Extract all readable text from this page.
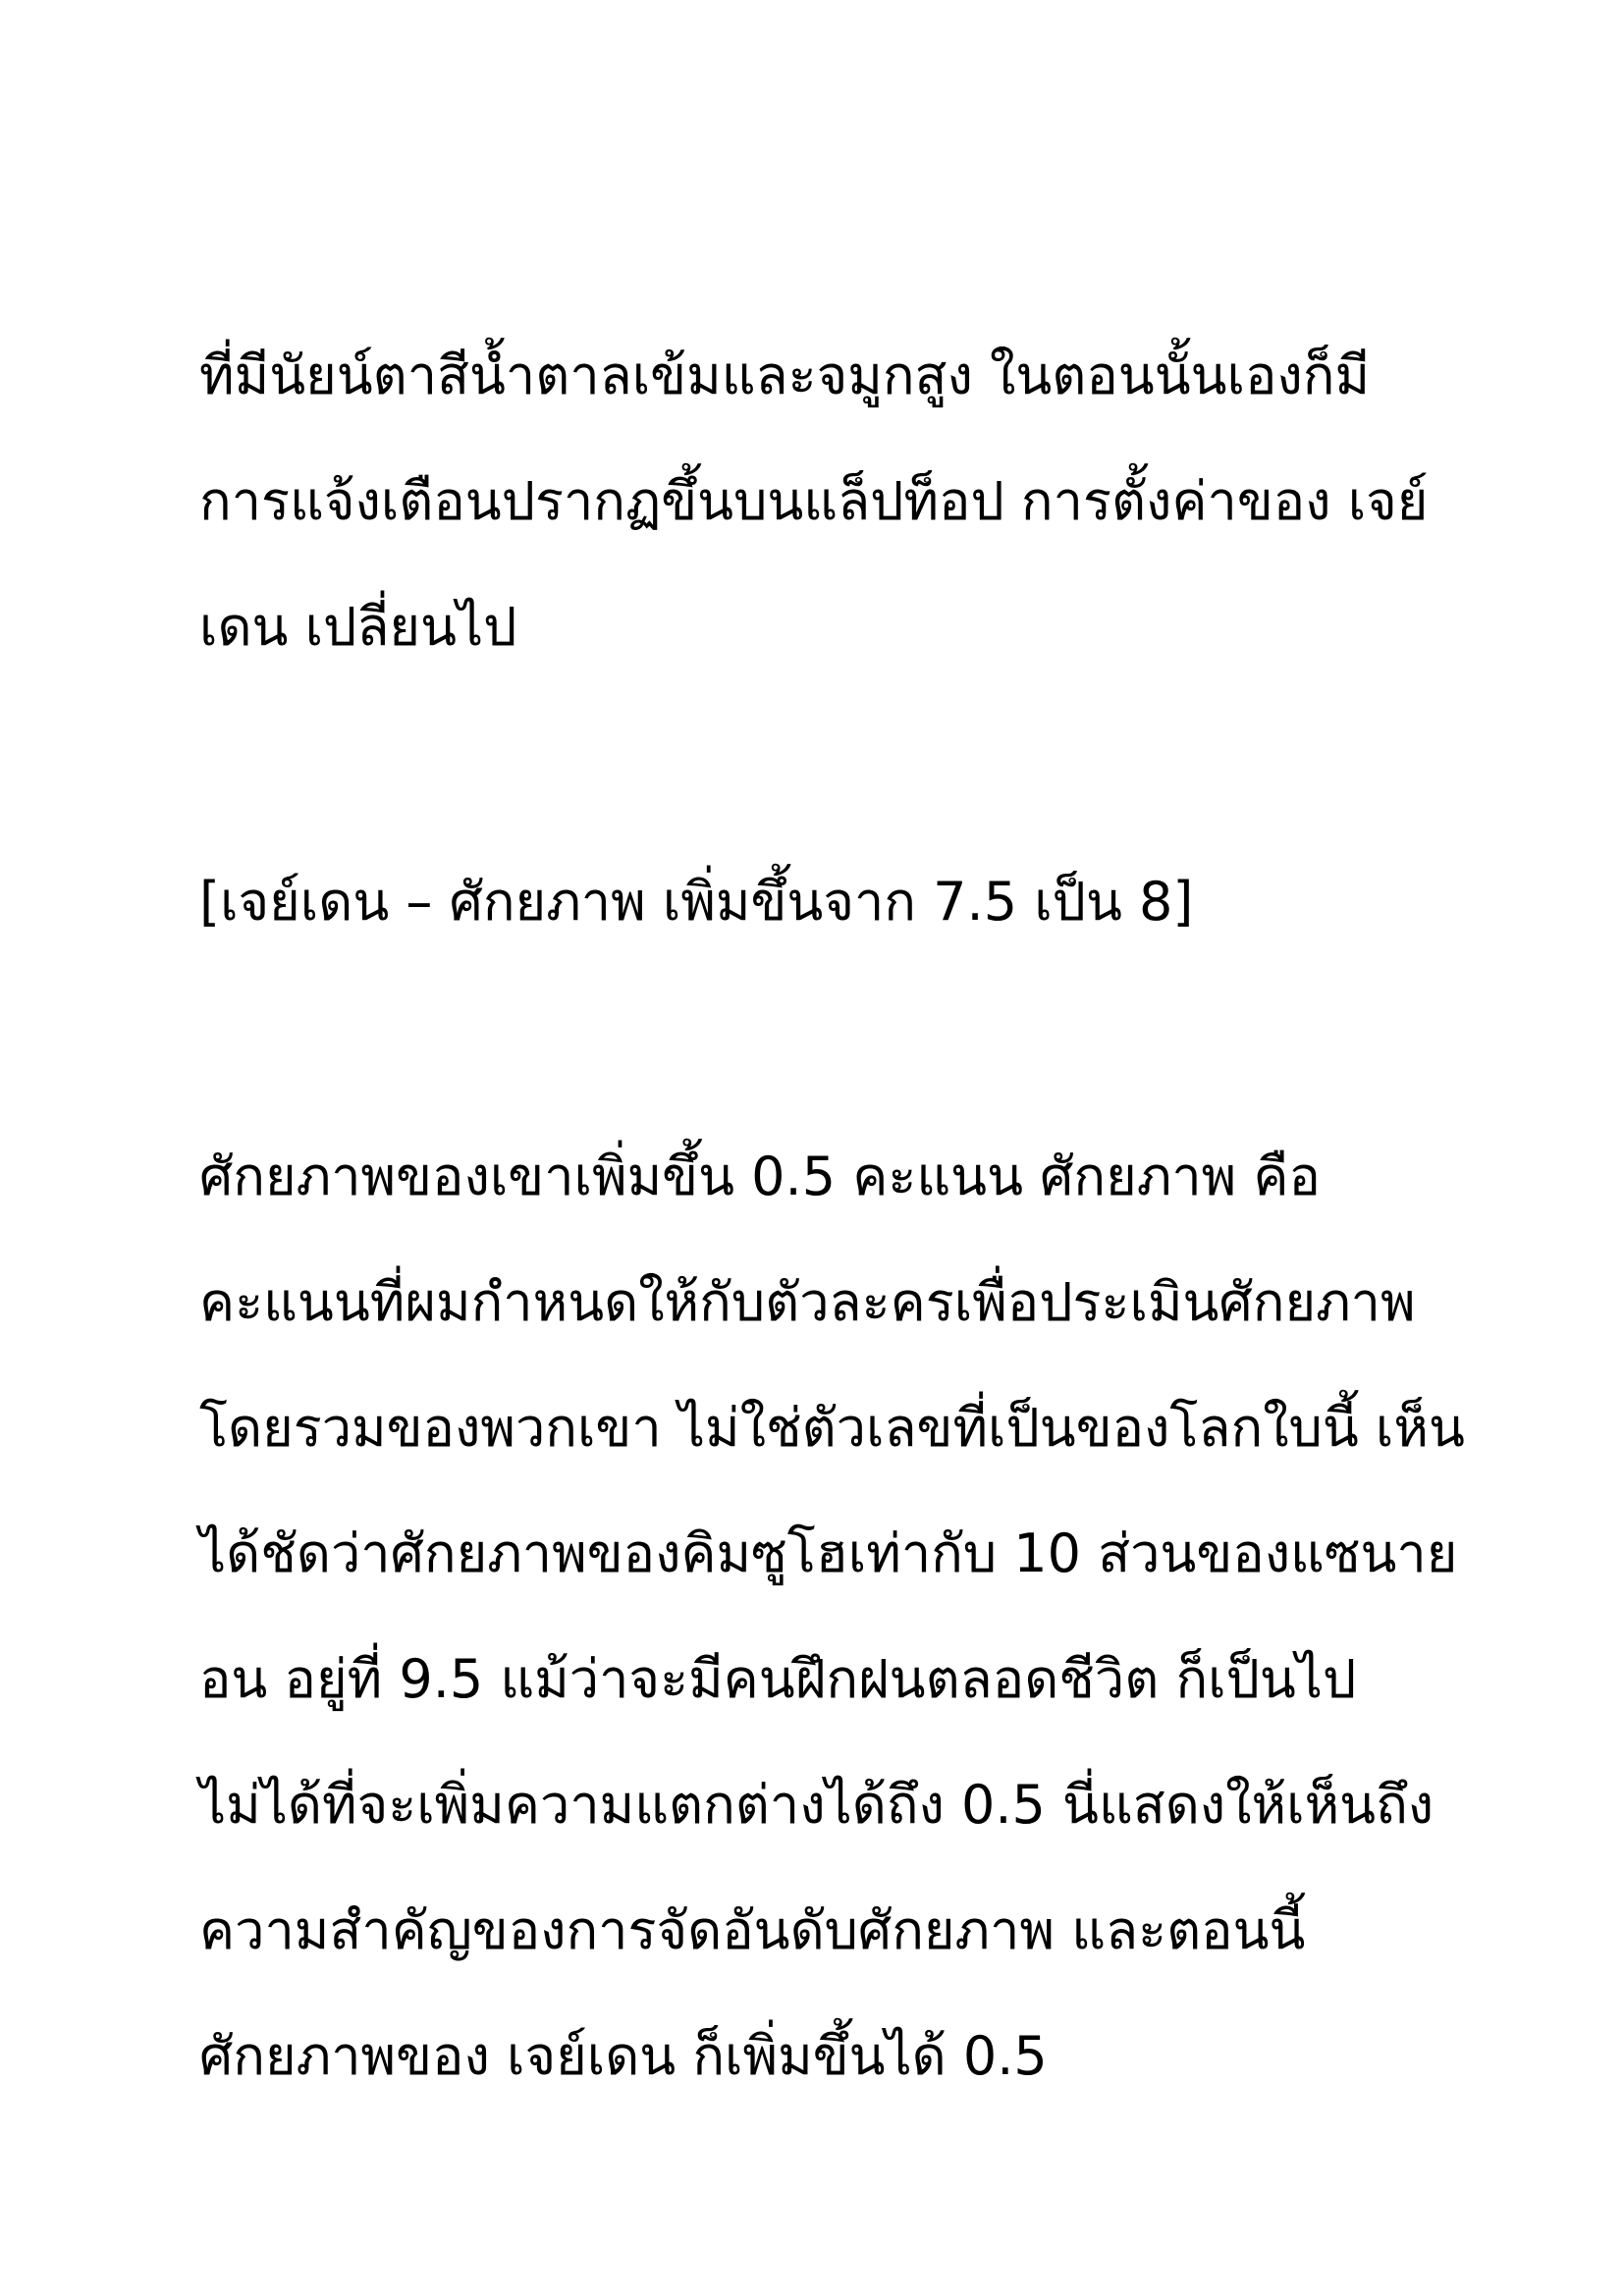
ที่มีนัยน์ตาสีน้ำตาลเข้มและจมูกสูง ในตอนนั้นเองก็มี
การแจ้งเตือนปรากฏขึ้นบนแล็ปท็อป การตั้งค่าของ เจย์
เดน เปลี่ยนไป
[เจย์เดน – ศักยภาพ เพิ่มขึ้นจาก 7.5 เป็น 8]
ศักยภาพของเขาเพิ่มขึ้น 0.5 คะแนน ศักยภาพ คือ
คะแนนที่ผมกำหนดให้กับตัวละครเพื่อประเมินศักยภาพ
โดยรวมของพวกเขา ไม่ใช่ตัวเลขที่เป็นของโลกใบนี้ เห็น
ได้ชัดว่าศักยภาพของคิมซูโฮเท่ากับ 10 ส่วนของแซนาย
อน อยู่ที่ 9.5 แม้ว่าจะมีคนฝึกฝนตลอดชีวิต ก็เป็นไป
ไม่ได้ที่จะเพิ่มความแตกต่างได้ถึง 0.5 นี่แสดงให้เห็นถึง
ความสำคัญของการจัดอันดับศักยภาพ และตอนนี้
ศักยภาพของ เจย์เดน ก็เพิ่มขึ้นได้ 0.5
